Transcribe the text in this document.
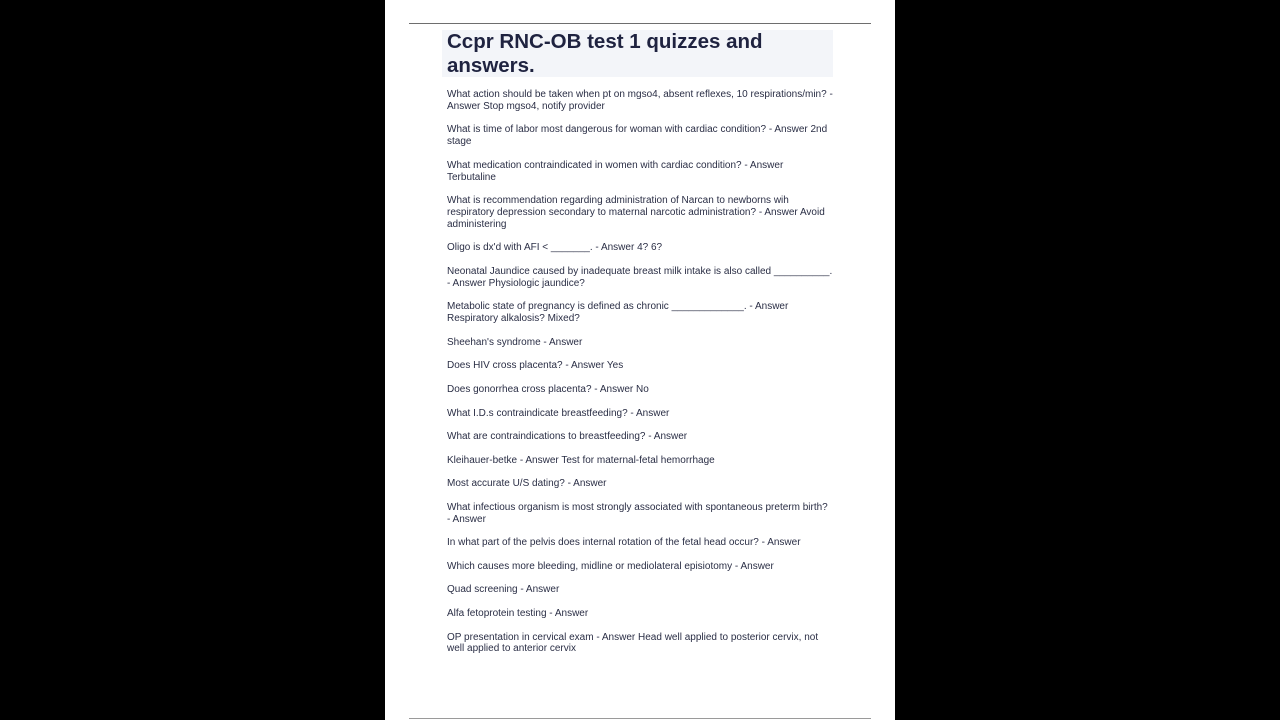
Ccpr RNC-OB test 1 quizzes and answers.
What action should be taken when pt on mgso4, absent reflexes, 10 respirations/min? - Answer Stop mgso4, notify provider
What is time of labor most dangerous for woman with cardiac condition? - Answer 2nd stage
What medication contraindicated in women with cardiac condition? - Answer Terbutaline
What is recommendation regarding administration of Narcan to newborns wih respiratory depression secondary to maternal narcotic administration? - Answer Avoid administering
Oligo is dx'd with AFI < _______. - Answer 4? 6?
Neonatal Jaundice caused by inadequate breast milk intake is also called __________. - Answer Physiologic jaundice?
Metabolic state of pregnancy is defined as chronic _____________. - Answer Respiratory alkalosis? Mixed?
Sheehan's syndrome - Answer
Does HIV cross placenta? - Answer Yes
Does gonorrhea cross placenta? - Answer No
What I.D.s contraindicate breastfeeding? - Answer
What are contraindications to breastfeeding? - Answer
Kleihauer-betke - Answer Test for maternal-fetal hemorrhage
Most accurate U/S dating? - Answer
What infectious organism is most strongly associated with spontaneous preterm birth? - Answer
In what part of the pelvis does internal rotation of the fetal head occur? - Answer
Which causes more bleeding, midline or mediolateral episiotomy - Answer
Quad screening - Answer
Alfa fetoprotein testing - Answer
OP presentation in cervical exam - Answer Head well applied to posterior cervix, not well applied to anterior cervix
